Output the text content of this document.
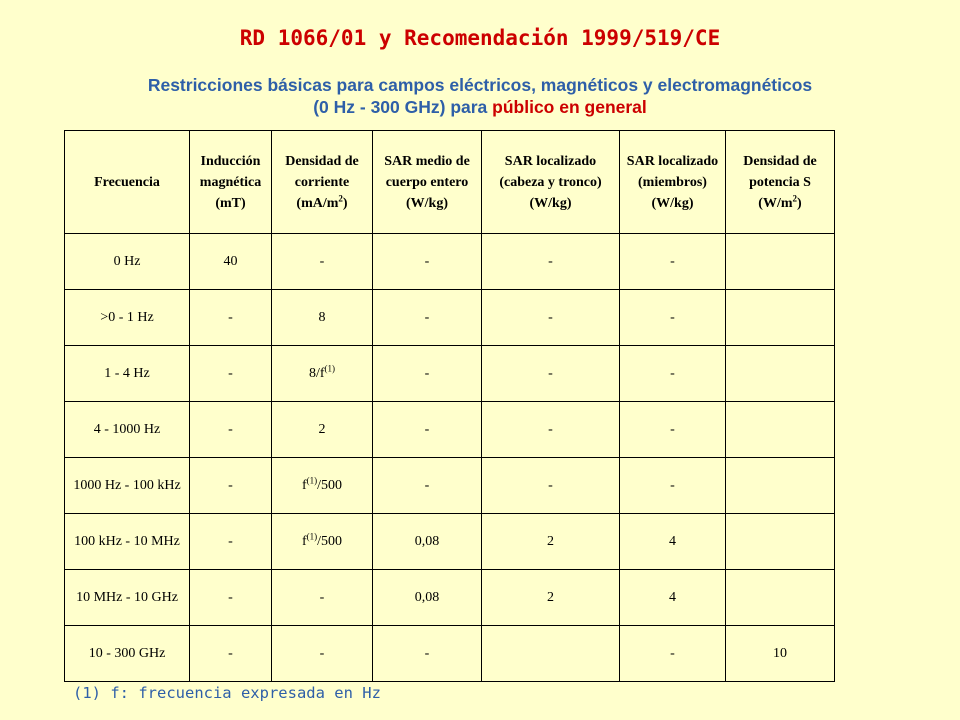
RD 1066/01 y Recomendación 1999/519/CE
Restricciones básicas para campos eléctricos, magnéticos y electromagnéticos
(0 Hz - 300 GHz) para público en general
Frecuencia	Inducción magnética (mT)	Densidad de corriente $(mA/m^2)$	SAR medio de cuerpo entero (W/kg)	SAR localizado (cabeza y tronco) (W/kg)	SAR localizado (miembros) (W/kg)	Densidad de potencia S $(W/m^2)$
0 Hz	40	-	-	-	-	
>0 - 1 Hz	-	8	-	-	-	
1 - 4 Hz	-	$8/f^{(1)}$	-	-	-	
4 - 1000 Hz	-	2	-	-	-	
1000 Hz - 100 kHz	-	$f^{(1)}/500$	-	-	-	
100 kHz - 10 MHz	-	$f^{(1)}/500$	0,08	2	4	
10 MHz - 10 GHz	-	-	0,08	2	4	
10 - 300 GHz	-	-	-		-	10
(1) f: frecuencia expresada en Hz
